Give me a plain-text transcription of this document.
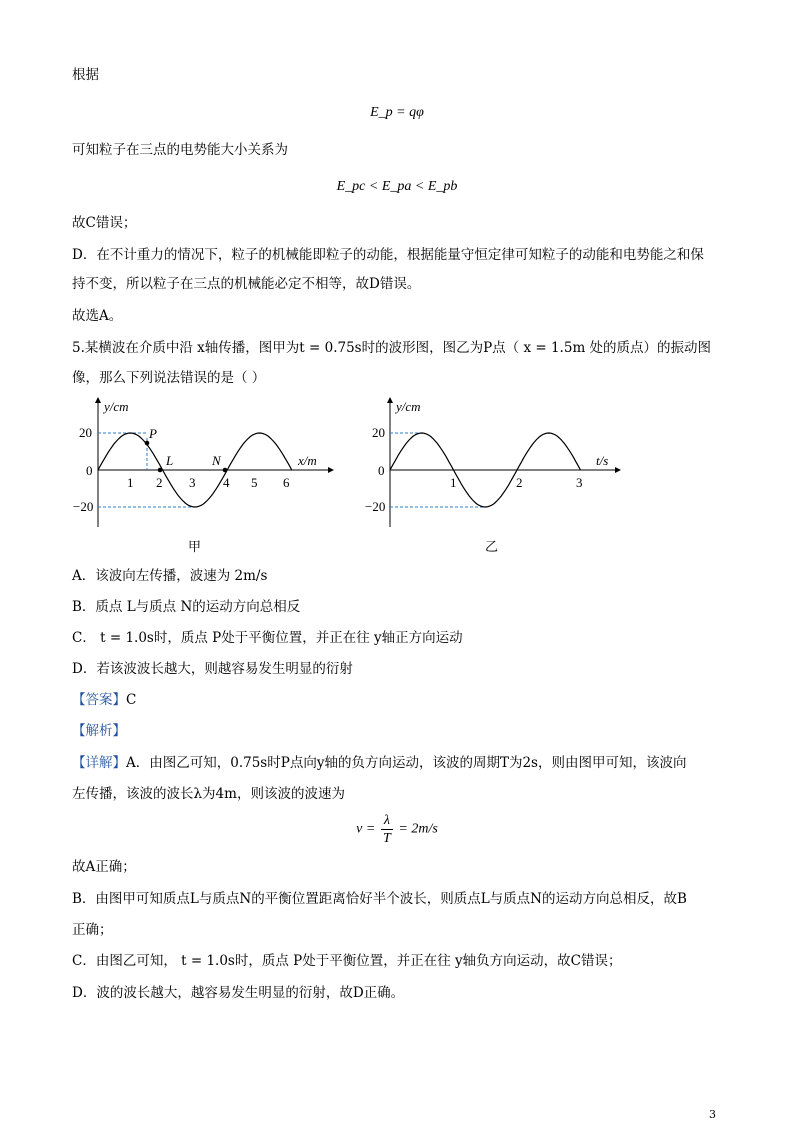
根据
E_p = qφ
可知粒子在三点的电势能大小关系为
E_pc < E_pa < E_pb
故C错误；
D．在不计重力的情况下，粒子的机械能即粒子的动能，根据能量守恒定律可知粒子的动能和电势能之和保
持不变，所以粒子在三点的机械能必定不相等，故D错误。
故选A。
5.某横波在介质中沿 x轴传播，图甲为t = 0.75s时的波形图，图乙为P点（ x = 1.5m 处的质点）的振动图
像，那么下列说法错误的是（ ）
y/cm
x/m
20
0
−20
1 2 3 4 5 6
P
L	N
甲
y/cm
t/s
20
0
−20
1	2	3
乙
A．该波向左传播，波速为 2m/s
B．质点 L与质点 N的运动方向总相反
C． t = 1.0s时，质点 P处于平衡位置，并正在往 y轴正方向运动
D．若该波波长越大，则越容易发生明显的衍射
【答案】C
【解析】
【详解】A．由图乙可知，0.75s时P点向y轴的负方向运动，该波的周期T为2s，则由图甲可知，该波向
左传播，该波的波长λ为4m，则该波的波速为
$v = \frac{\lambda}{T} = 2m/s$
故A正确；
B．由图甲可知质点L与质点N的平衡位置距离恰好半个波长，则质点L与质点N的运动方向总相反，故B
正确；
C．由图乙可知， t = 1.0s时，质点 P处于平衡位置，并正在往 y轴负方向运动，故C错误；
D．波的波长越大，越容易发生明显的衍射，故D正确。
3
